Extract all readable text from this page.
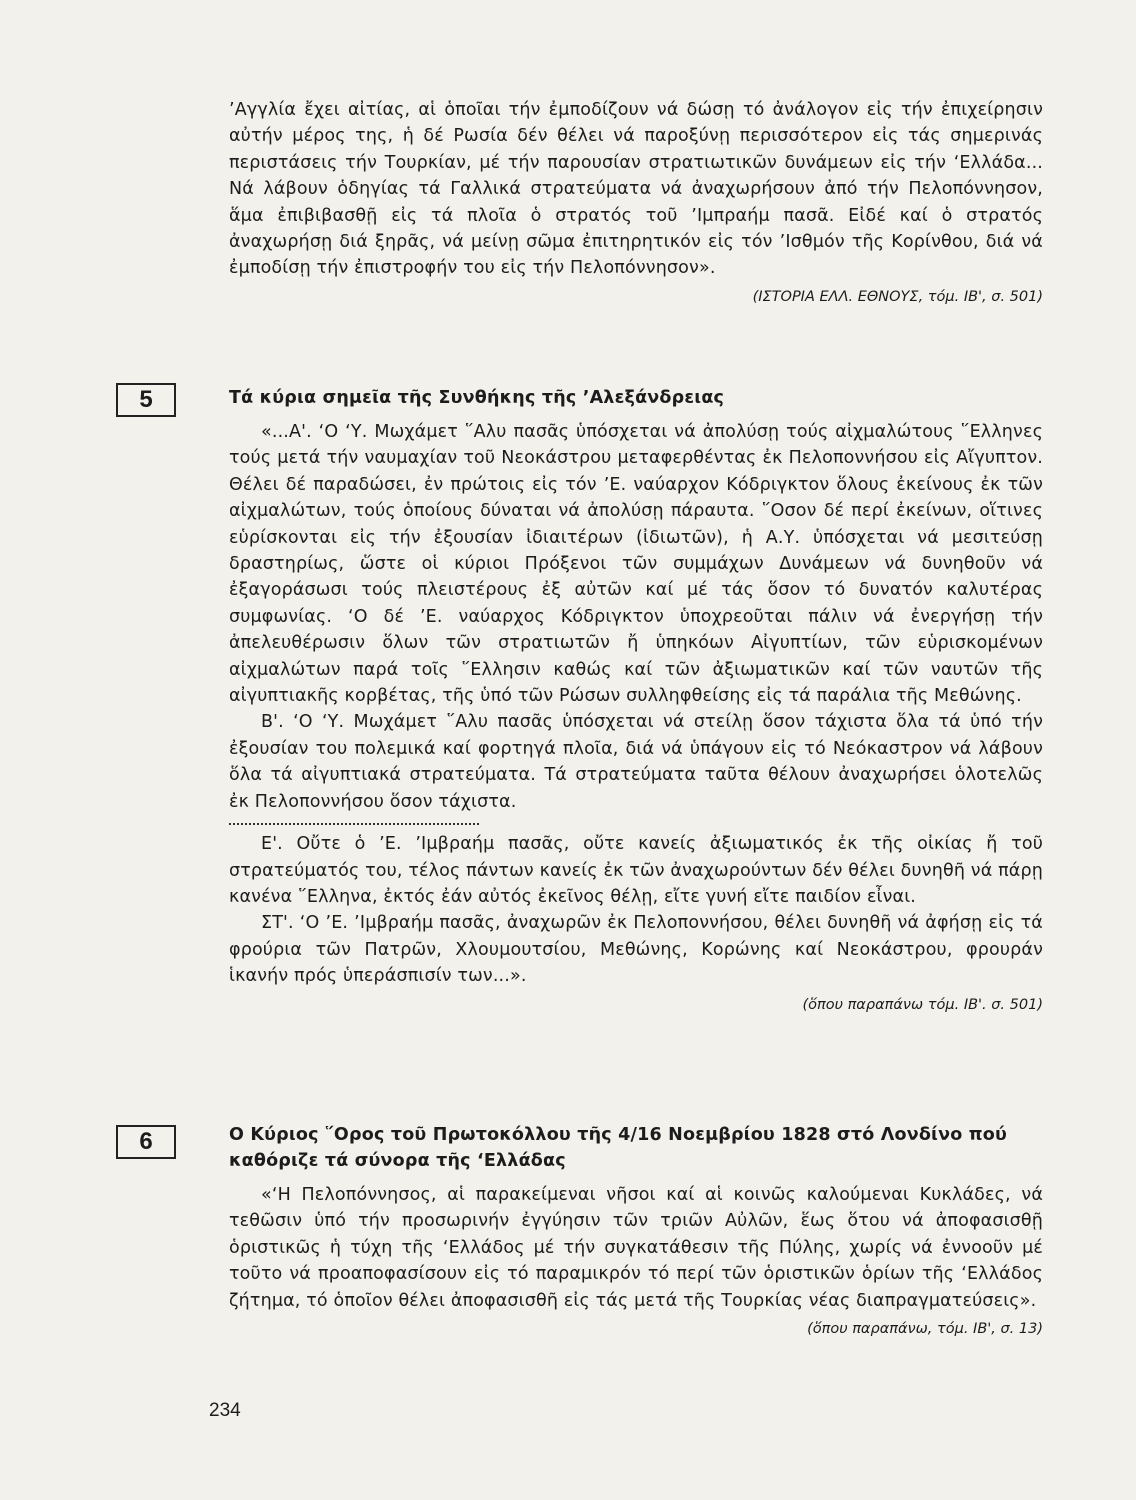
’Αγγλία ἔχει αἰτίας, αἱ ὁποῖαι τήν ἐμποδίζουν νά δώσῃ τό ἀνάλογον εἰς τήν ἐπιχείρησιν αὐτήν μέρος της, ἡ δέ Ρωσία δέν θέλει νά παροξύνῃ περισσότερον εἰς τάς σημερινάς περιστάσεις τήν Τουρκίαν, μέ τήν παρουσίαν στρατιωτικῶν δυνάμεων εἰς τήν ‘Ελλάδα... Νά λάβουν ὁδηγίας τά Γαλλικά στρατεύματα νά ἀναχωρήσουν ἀπό τήν Πελοπόννησον, ἅμα ἐπιβιβασθῇ εἰς τά πλοῖα ὁ στρατός τοῦ ’Ιμπραήμ πασᾶ. Εἰδέ καί ὁ στρατός ἀναχωρήσῃ διά ξηρᾶς, νά μείνῃ σῶμα ἐπιτηρητικόν εἰς τόν ’Ισθμόν τῆς Κορίνθου, διά νά ἐμποδίσῃ τήν ἐπιστροφήν του εἰς τήν Πελοπόννησον».

(ΙΣΤΟΡΙΑ ΕΛΛ. ΕΘΝΟΥΣ, τόμ. ΙΒ', σ. 501)
5	Τά κύρια σημεῖα τῆς Συνθήκης τῆς ’Αλεξάνδρειας

«...Α'. ‘Ο ‘Υ. Μωχάμετ ῞Αλυ πασᾶς ὑπόσχεται νά ἀπολύσῃ τούς αἰχμαλώτους ῞Ελληνες τούς μετά τήν ναυμαχίαν τοῦ Νεοκάστρου μεταφερθέντας ἐκ Πελοποννήσου εἰς Αἴγυπτον. Θέλει δέ παραδώσει, ἐν πρώτοις εἰς τόν ’Ε. ναύαρχον Κόδριγκτον ὅλους ἐκείνους ἐκ τῶν αἰχμαλώτων, τούς ὁποίους δύναται νά ἀπολύσῃ πάραυτα. ῞Οσον δέ περί ἐκείνων, οἵτινες εὑρίσκονται εἰς τήν ἐξουσίαν ἰδιαιτέρων (ἰδιωτῶν), ἡ Α.Υ. ὑπόσχεται νά μεσιτεύσῃ δραστηρίως, ὥστε οἱ κύριοι Πρόξενοι τῶν συμμάχων Δυνάμεων νά δυνηθοῦν νά ἐξαγοράσωσι τούς πλειστέρους ἐξ αὐτῶν καί μέ τάς ὅσον τό δυνατόν καλυτέρας συμφωνίας. ‘Ο δέ ’Ε. ναύαρχος Κόδριγκτον ὑποχρεοῦται πάλιν νά ἐνεργήσῃ τήν ἀπελευθέρωσιν ὅλων τῶν στρατιωτῶν ἤ ὑπηκόων Αἰγυπτίων, τῶν εὑρισκομένων αἰχμαλώτων παρά τοῖς ῞Ελλησιν καθώς καί τῶν ἀξιωματικῶν καί τῶν ναυτῶν τῆς αἰγυπτιακῆς κορβέτας, τῆς ὑπό τῶν Ρώσων συλληφθείσης εἰς τά παράλια τῆς Μεθώνης.

Β'. ‘Ο ‘Υ. Μωχάμετ ῞Αλυ πασᾶς ὑπόσχεται νά στείλῃ ὅσον τάχιστα ὅλα τά ὑπό τήν ἐξουσίαν του πολεμικά καί φορτηγά πλοῖα, διά νά ὑπάγουν εἰς τό Νεόκαστρον νά λάβουν ὅλα τά αἰγυπτιακά στρατεύματα. Τά στρατεύματα ταῦτα θέλουν ἀναχωρήσει ὁλοτελῶς ἐκ Πελοποννήσου ὅσον τάχιστα.

Ε'. Οὔτε ὁ ’Ε. ’Ιμβραήμ πασᾶς, οὔτε κανείς ἀξιωματικός ἐκ τῆς οἰκίας ἤ τοῦ στρατεύματός του, τέλος πάντων κανείς ἐκ τῶν ἀναχωρούντων δέν θέλει δυνηθῆ νά πάρῃ κανένα ῞Ελληνα, ἐκτός ἐάν αὐτός ἐκεῖνος θέλῃ, εἴτε γυνή εἴτε παιδίον εἶναι.

ΣΤ'. ‘Ο ’Ε. ’Ιμβραήμ πασᾶς, ἀναχωρῶν ἐκ Πελοποννήσου, θέλει δυνηθῆ νά ἀφήσῃ εἰς τά φρούρια τῶν Πατρῶν, Χλουμουτσίου, Μεθώνης, Κορώνης καί Νεοκάστρου, φρουράν ἱκανήν πρός ὑπεράσπισίν των...».

(ὅπου παραπάνω τόμ. ΙΒ'. σ. 501)
6	Ο Κύριος ῞Ορος τοῦ Πρωτοκόλλου τῆς 4/16 Νοεμβρίου 1828 στό Λονδίνο πού καθόριζε τά σύνορα τῆς ‘Ελλάδας

«‘Η Πελοπόννησος, αἱ παρακείμεναι νῆσοι καί αἱ κοινῶς καλούμεναι Κυκλάδες, νά τεθῶσιν ὑπό τήν προσωρινήν ἐγγύησιν τῶν τριῶν Αὐλῶν, ἕως ὅτου νά ἀποφασισθῇ ὁριστικῶς ἡ τύχη τῆς ‘Ελλάδος μέ τήν συγκατάθεσιν τῆς Πύλης, χωρίς νά ἐννοοῦν μέ τοῦτο νά προαποφασίσουν εἰς τό παραμικρόν τό περί τῶν ὁριστικῶν ὁρίων τῆς ‘Ελλάδος ζήτημα, τό ὁποῖον θέλει ἀποφασισθῆ εἰς τάς μετά τῆς Τουρκίας νέας διαπραγματεύσεις».

(ὅπου παραπάνω, τόμ. ΙΒ', σ. 13)
234
